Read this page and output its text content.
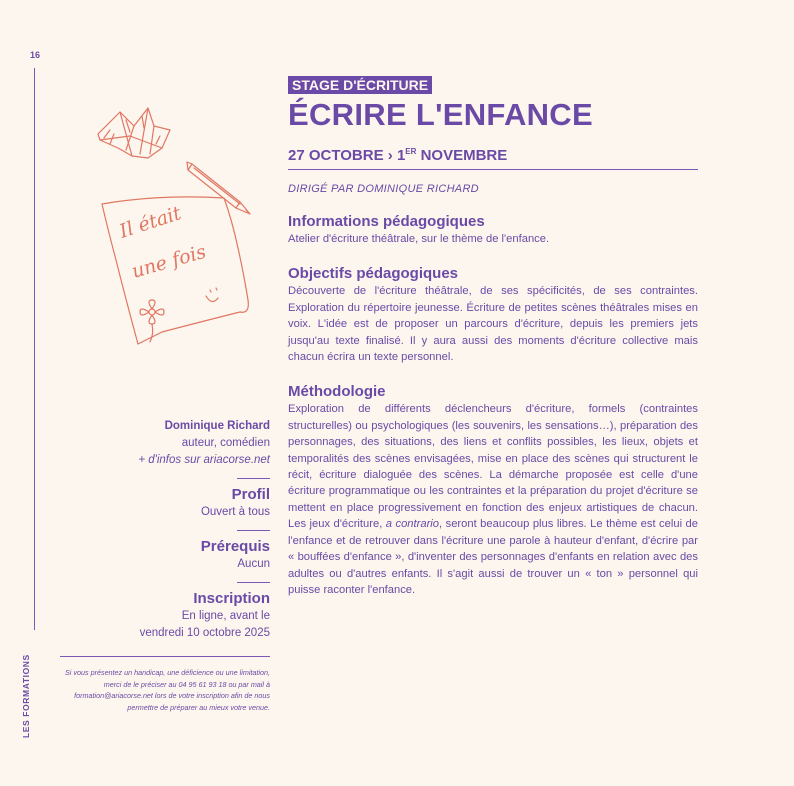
16
LES FORMATIONS
Il était
une fois
Dominique Richard
auteur, comédien
+ d'infos sur ariacorse.net
Profil
Ouvert à tous
Prérequis
Aucun
Inscription
En ligne, avant le
vendredi 10 octobre 2025
Si vous présentez un handicap, une déficience ou une limitation, merci de le préciser au 04 95 61 93 18 ou par mail à formation@ariacorse.net lors de votre inscription afin de nous permettre de préparer au mieux votre venue.
STAGE D'ÉCRITURE
ÉCRIRE L'ENFANCE
27 OCTOBRE › 1ER NOVEMBRE
DIRIGÉ PAR DOMINIQUE RICHARD
Informations pédagogiques
Atelier d'écriture théâtrale, sur le thème de l'enfance.
Objectifs pédagogiques
Découverte de l'écriture théâtrale, de ses spécificités, de ses contraintes. Exploration du répertoire jeunesse. Écriture de petites scènes théâtrales mises en voix. L'idée est de proposer un parcours d'écriture, depuis les premiers jets jusqu'au texte finalisé. Il y aura aussi des moments d'écriture collective mais chacun écrira un texte personnel.
Méthodologie
Exploration de différents déclencheurs d'écriture, formels (contraintes structurelles) ou psychologiques (les souvenirs, les sensations…), préparation des personnages, des situations, des liens et conflits possibles, les lieux, objets et temporalités des scènes envisagées, mise en place des scènes qui structurent le récit, écriture dialoguée des scènes. La démarche proposée est celle d'une écriture programmatique ou les contraintes et la préparation du projet d'écriture se mettent en place progressivement en fonction des enjeux artistiques de chacun. Les jeux d'écriture, a contrario, seront beaucoup plus libres. Le thème est celui de l'enfance et de retrouver dans l'écriture une parole à hauteur d'enfant, d'écrire par « bouffées d'enfance », d'inventer des personnages d'enfants en relation avec des adultes ou d'autres enfants. Il s'agit aussi de trouver un « ton » personnel qui puisse raconter l'enfance.
